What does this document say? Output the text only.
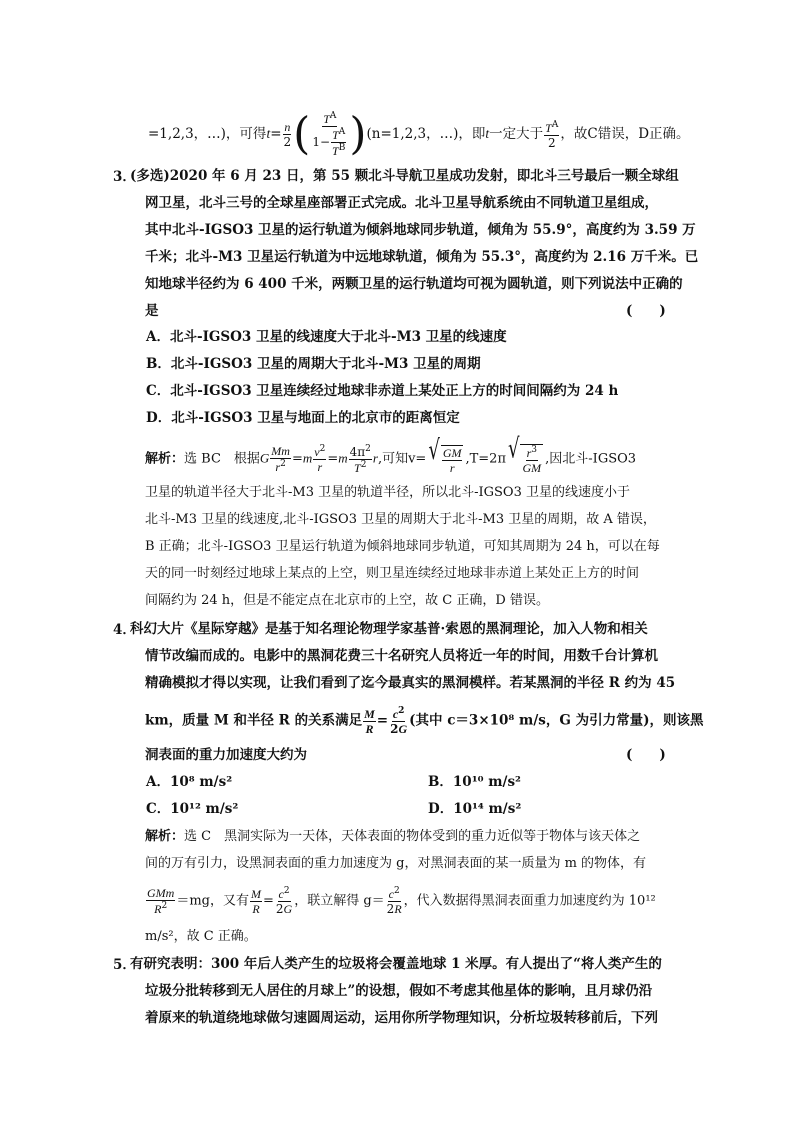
=1,2,3，…)，可得$t= \frac{n}{2}$ ( $\frac{T^A}{1- \frac{T^A}{T^B}} )(n=1,2,3$，…)，即t一定大于 $\frac{T^A}{2}$ ，故C错误，D正确。
3．
(多选)2020 年 6 月 23 日，第 55 颗北斗导航卫星成功发射，即北斗三号最后一颗全球组
网卫星，北斗三号的全球星座部署正式完成。北斗卫星导航系统由不同轨道卫星组成，
其中北斗-IGSO3 卫星的运行轨道为倾斜地球同步轨道，倾角为 55.9°，高度约为 3.59 万
千米；北斗-M3 卫星运行轨道为中远地球轨道，倾角为 55.3°，高度约为 2.16 万千米。已
知地球半径约为 6 400 千米，两颗卫星的运行轨道均可视为圆轨道，则下列说法中正确的
是	(　　)
A．北斗-IGSO3 卫星的线速度大于北斗-M3 卫星的线速度
B．北斗-IGSO3 卫星的周期大于北斗-M3 卫星的周期
C．北斗-IGSO3 卫星连续经过地球非赤道上某处正上方的时间间隔约为 24 h
D．北斗-IGSO3 卫星与地面上的北京市的距离恒定
解析：选 BC　根据G $\frac{Mm}{r^2} =m \frac{v^2}{r} =m \frac{4\pi^2}{T^2} r$,可知v= √ $\frac{GM}{r} ,T=2\pi$ √ $\frac{r^3}{GM}$ ,因北斗-IGSO3
卫星的轨道半径大于北斗-M3 卫星的轨道半径，所以北斗-IGSO3 卫星的线速度小于
北斗-M3 卫星的线速度,北斗-IGSO3 卫星的周期大于北斗-M3 卫星的周期，故 A 错误，
B 正确；北斗-IGSO3 卫星运行轨道为倾斜地球同步轨道，可知其周期为 24 h，可以在每
天的同一时刻经过地球上某点的上空，则卫星连续经过地球非赤道上某处正上方的时间
间隔约为 24 h，但是不能定点在北京市的上空，故 C 正确，D 错误。
4．
科幻大片《星际穿越》是基于知名理论物理学家基普·索恩的黑洞理论，加入人物和相关
情节改编而成的。电影中的黑洞花费三十名研究人员将近一年的时间，用数千台计算机
精确模拟才得以实现，让我们看到了迄今最真实的黑洞模样。若某黑洞的半径 R 约为 45
km，质量 M 和半径 R 的关系满足 $\frac{M}{R} = \frac{c^2}{2G}$ (其中 c＝3×10⁸ m/s，G 为引力常量)，则该黑
洞表面的重力加速度大约为	(　　)
A．10⁸ m/s²	B．10¹⁰ m/s²
C．10¹² m/s²	D．10¹⁴ m/s²
解析：选 C　黑洞实际为一天体，天体表面的物体受到的重力近似等于物体与该天体之
间的万有引力，设黑洞表面的重力加速度为 g，对黑洞表面的某一质量为 m 的物体，有
$\frac{\text{GMm}}{R^2} =mg$，又有 $\frac{M}{R} = \frac{c^2}{2G}$ ，联立解得 $g= \frac{c^2}{2R}$ ，代入数据得黑洞表面重力加速度约为 10¹²
m/s²，故 C 正确。
5．
有研究表明：300 年后人类产生的垃圾将会覆盖地球 1 米厚。有人提出了“将人类产生的
垃圾分批转移到无人居住的月球上”的设想，假如不考虑其他星体的影响，且月球仍沿
着原来的轨道绕地球做匀速圆周运动，运用你所学物理知识，分析垃圾转移前后，下列
